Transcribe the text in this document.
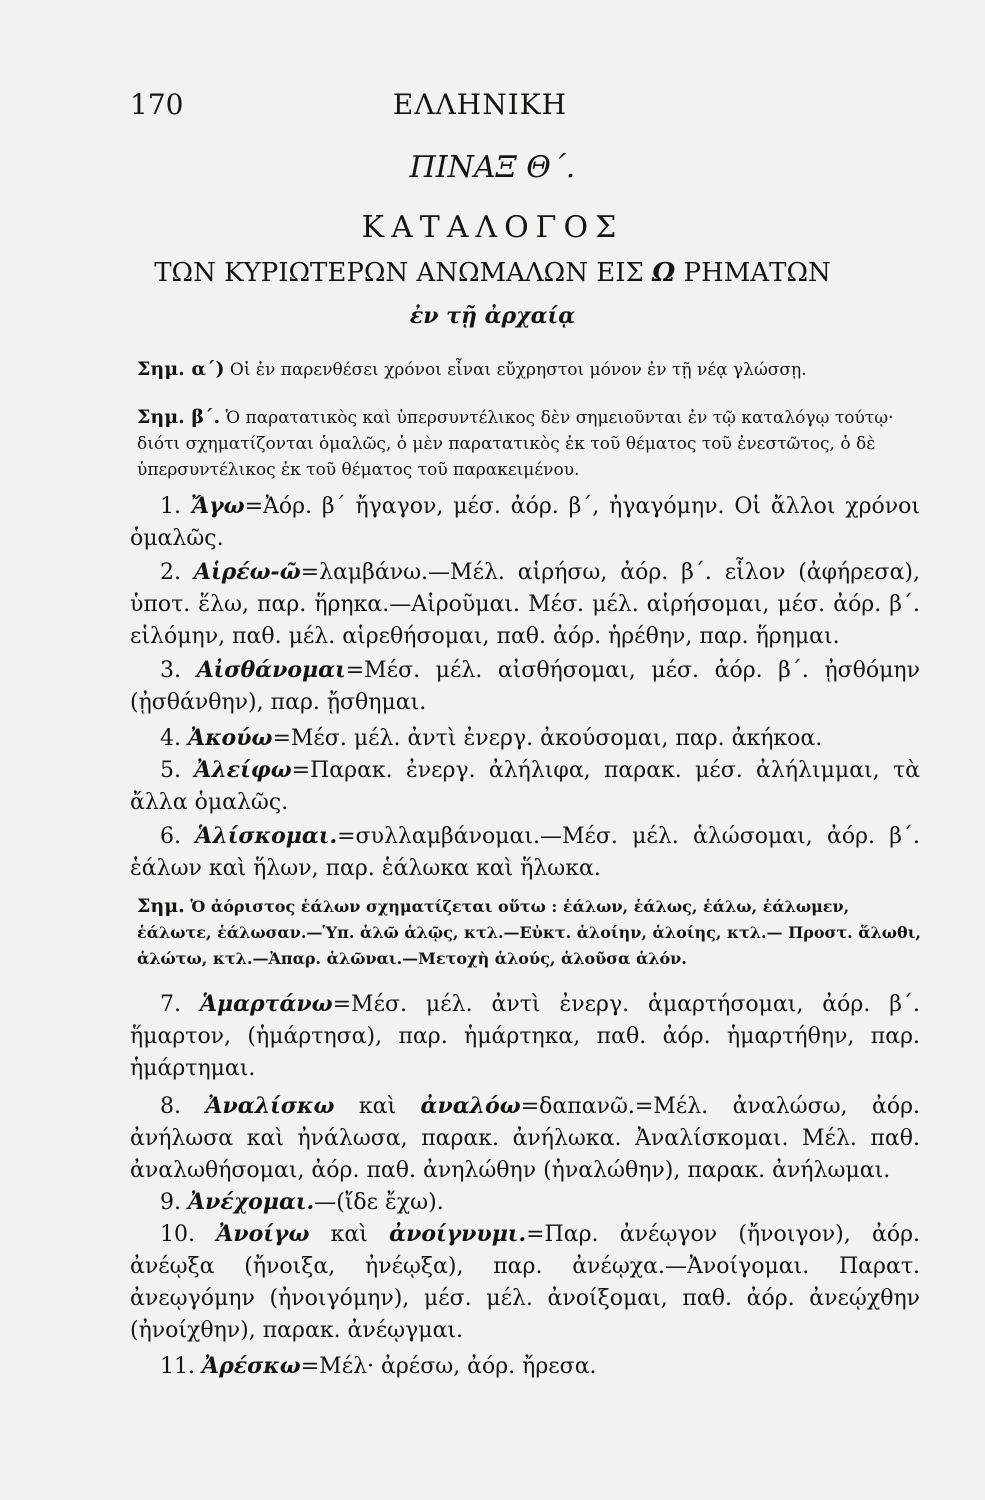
170	ΕΛΛΗΝΙΚΗ
ΠΙΝΑΞ Θ΄.
ΚΑΤΑΛΟΓΟΣ
ΤΩΝ ΚΥΡΙΩΤΕΡΩΝ ΑΝΩΜΑΛΩΝ ΕΙΣ Ω ΡΗΜΑΤΩΝ
ἐν τῇ ἀρχαίᾳ
Σημ. α΄) Οἱ ἐν παρενθέσει χρόνοι εἶναι εὔχρηστοι μόνον ἐν τῇ νέᾳ γλώσσῃ.
Σημ. β΄. Ὁ παρατατικὸς καὶ ὑπερσυντέλικος δὲν σημειοῦνται ἐν τῷ καταλόγῳ τούτῳ· διότι σχηματίζονται ὁμαλῶς, ὁ μὲν παρατατικὸς ἐκ τοῦ θέματος τοῦ ἐνεστῶτος, ὁ δὲ ὑπερσυντέλικος ἐκ τοῦ θέματος τοῦ παρακειμένου.
1. Ἄγω=Ἀόρ. β΄ ἤγαγον, μέσ. ἀόρ. β΄, ἠγαγόμην. Οἱ ἄλλοι χρόνοι ὁμαλῶς.
2. Αἱρέω-ῶ=λαμβάνω.—Μέλ. αἱρήσω, ἀόρ. β΄. εἷλον (ἀφήρεσα), ὑποτ. ἕλω, παρ. ἥρηκα.—Αἱροῦμαι. Μέσ. μέλ. αἱρήσομαι, μέσ. ἀόρ. β΄. εἱλόμην, παθ. μέλ. αἱρεθήσομαι, παθ. ἀόρ. ἡρέθην, παρ. ἥρημαι.
3. Αἰσθάνομαι=Μέσ. μέλ. αἰσθήσομαι, μέσ. ἀόρ. β΄. ᾐσθόμην (ᾐσθάνθην), παρ. ᾔσθημαι.
4. Ἀκούω=Μέσ. μέλ. ἀντὶ ἐνεργ. ἀκούσομαι, παρ. ἀκήκοα.
5. Ἀλείφω=Παρακ. ἐνεργ. ἀλήλιφα, παρακ. μέσ. ἀλήλιμμαι, τὰ ἄλλα ὁμαλῶς.
6. Ἁλίσκομαι.=συλλαμβάνομαι.—Μέσ. μέλ. ἁλώσομαι, ἀόρ. β΄. ἑάλων καὶ ἥλων, παρ. ἑάλωκα καὶ ἥλωκα.
Σημ. Ὁ ἀόριστος ἑάλων σχηματίζεται οὕτω : ἑάλων, ἑάλως, ἑάλω, ἑάλωμεν, ἑάλωτε, ἑάλωσαν.—Ὑπ. ἁλῶ ἁλῷς, κτλ.—Εὐκτ. ἁλοίην, ἁλοίης, κτλ.— Προστ. ἅλωθι, ἁλώτω, κτλ.—Ἀπαρ. ἁλῶναι.—Μετοχὴ ἁλούς, ἁλοῦσα ἁλόν.
7. Ἁμαρτάνω=Μέσ. μέλ. ἀντὶ ἐνεργ. ἁμαρτήσομαι, ἀόρ. β΄. ἥμαρτον, (ἡμάρτησα), παρ. ἡμάρτηκα, παθ. ἀόρ. ἡμαρτήθην, παρ. ἡμάρτημαι.
8. Ἀναλίσκω καὶ ἀναλόω=δαπανῶ.=Μέλ. ἀναλώσω, ἀόρ. ἀνήλωσα καὶ ἠνάλωσα, παρακ. ἀνήλωκα. Ἀναλίσκομαι. Μέλ. παθ. ἀναλωθήσομαι, ἀόρ. παθ. ἀνηλώθην (ἠναλώθην), παρακ. ἀνήλωμαι.
9. Ἀνέχομαι.—(ἴδε ἔχω).
10. Ἀνοίγω καὶ ἀνοίγνυμι.=Παρ. ἀνέῳγον (ἤνοιγον), ἀόρ. ἀνέῳξα (ἤνοιξα, ἠνέῳξα), παρ. ἀνέῳχα.—Ἀνοίγομαι. Παρατ. ἀνεῳγόμην (ἠνοιγόμην), μέσ. μέλ. ἀνοίξομαι, παθ. ἀόρ. ἀνεῴχθην (ἠνοίχθην), παρακ. ἀνέῳγμαι.
11. Ἀρέσκω=Μέλ· ἀρέσω, ἀόρ. ἤρεσα.
